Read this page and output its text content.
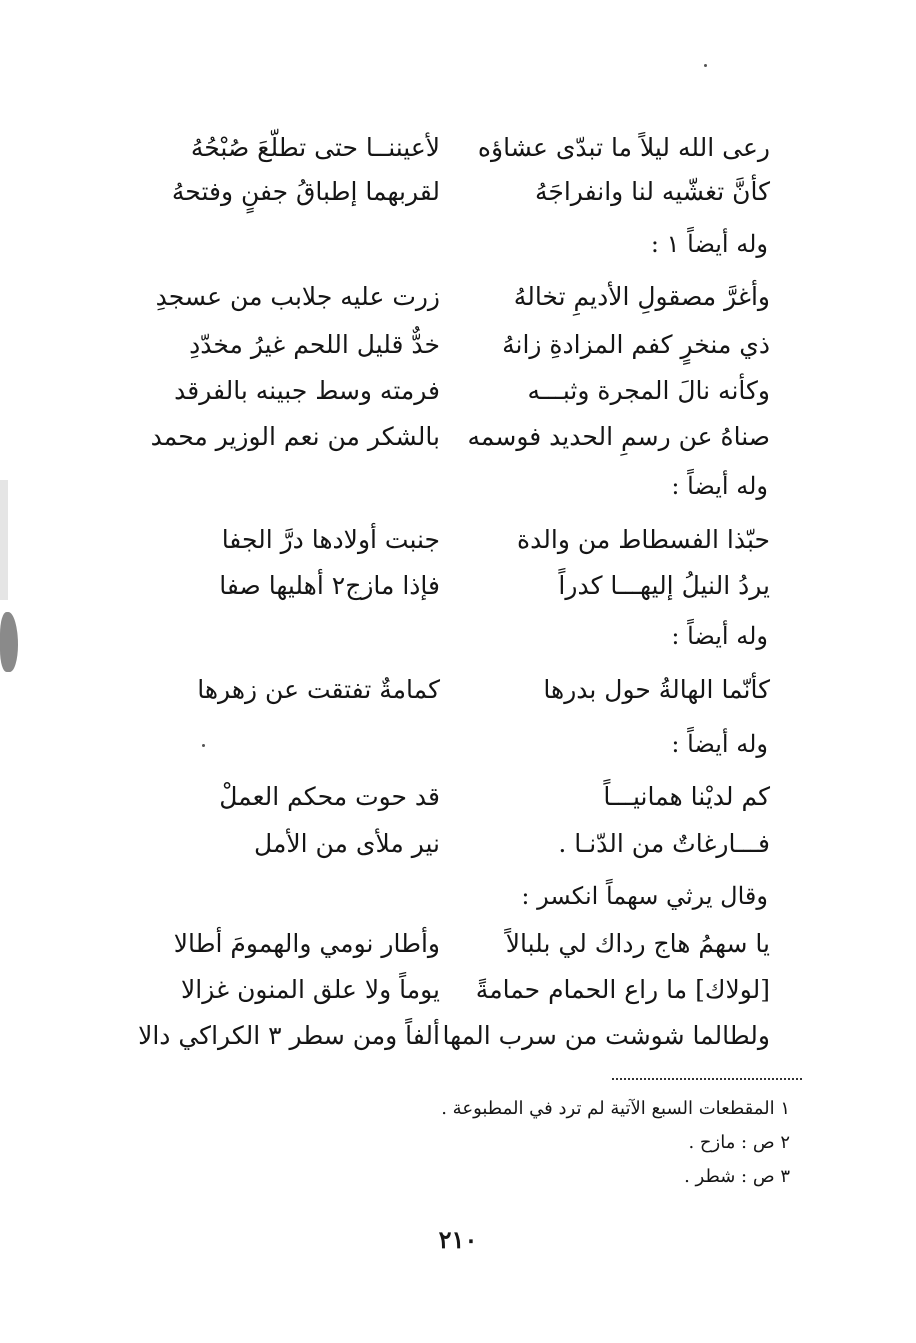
رعى الله ليلاً ما تبدّى عشاؤه
لأعيننــا حتى تطلّعَ صُبْحُهُ
كأنَّ تغشّيه لنا وانفراجَهُ
لقربهما إطباقُ جفنٍ وفتحهُ
وله أيضاً ١ :
وأغرَّ مصقولِ الأديمِ تخالهُ
زرت عليه جلابب من عسجدِ
ذي منخرٍ كفم المزادةِ زانهُ
خدٌّ قليل اللحم غيرُ مخدّدِ
وكأنه نالَ المجرة وثبـــه
فرمته وسط جبينه بالفرقد
صناهُ عن رسمِ الحديد فوسمه
بالشكر من نعم الوزير محمد
وله أيضاً :
حبّذا الفسطاط من والدة
جنبت أولادها درَّ الجفا
يردُ النيلُ إليهـــا كدراً
فإذا مازج٢ أهليها صفا
وله أيضاً :
كأنّما الهالةُ حول بدرها
كمامةٌ تفتقت عن زهرها
وله أيضاً :
كم لديْنا همانيـــاً
قد حوت محكم العملْ
فـــارغاتٌ من الدّنـا .
نير ملأى من الأمل
وقال يرثي سهماً انكسر :
يا سهمُ هاج رداك لي بلبالاً
وأطار نومي والهمومَ أطالا
[لولاك] ما راع الحمام حمامةً
يوماً ولا علق المنون غزالا
ولطالما شوشت من سرب المها
ألفاً ومن سطر ٣ الكراكي دالا
١ المقطعات السبع الآتية لم ترد في المطبوعة .
٢ ص : مازح .
٣ ص : شطر .
٢١٠
